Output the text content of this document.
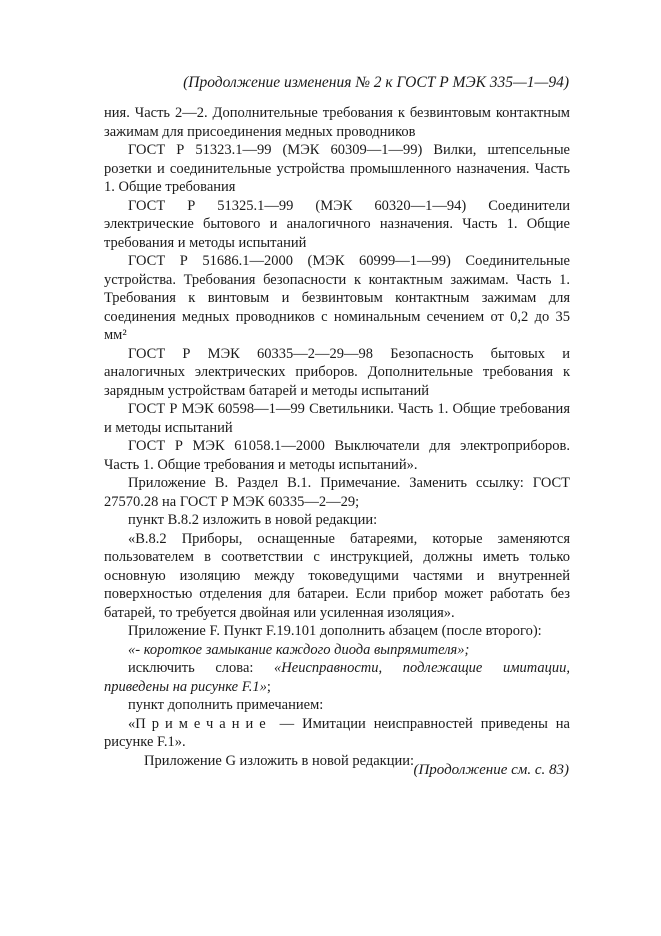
(Продолжение изменения № 2 к ГОСТ Р МЭК 335—1—94)

ния. Часть 2—2. Дополнительные требования к безвинтовым контактным зажимам для присоединения медных проводников

ГОСТ Р 51323.1—99 (МЭК 60309—1—99) Вилки, штепсельные розетки и соединительные устройства промышленного назначения. Часть 1. Общие требования

ГОСТ Р 51325.1—99 (МЭК 60320—1—94) Соединители электрические бытового и аналогичного назначения. Часть 1. Общие требования и методы испытаний

ГОСТ Р 51686.1—2000 (МЭК 60999—1—99) Соединительные устройства. Требования безопасности к контактным зажимам. Часть 1. Требования к винтовым и безвинтовым контактным зажимам для соединения медных проводников с номинальным сечением от 0,2 до 35 мм²

ГОСТ Р МЭК 60335—2—29—98 Безопасность бытовых и аналогичных электрических приборов. Дополнительные требования к зарядным устройствам батарей и методы испытаний

ГОСТ Р МЭК 60598—1—99 Светильники. Часть 1. Общие требования и методы испытаний

ГОСТ Р МЭК 61058.1—2000 Выключатели для электроприборов. Часть 1. Общие требования и методы испытаний».

Приложение В. Раздел В.1. Примечание. Заменить ссылку: ГОСТ 27570.28 на ГОСТ Р МЭК 60335—2—29;

пункт В.8.2 изложить в новой редакции:

«В.8.2 Приборы, оснащенные батареями, которые заменяются пользователем в соответствии с инструкцией, должны иметь только основную изоляцию между токоведущими частями и внутренней поверхностью отделения для батареи. Если прибор может работать без батарей, то требуется двойная или усиленная изоляция».

Приложение F. Пункт F.19.101 дополнить абзацем (после второго):

«- короткое замыкание каждого диода выпрямителя»;

исключить слова: «Неисправности, подлежащие имитации, приведены на рисунке F.1»;

пункт дополнить примечанием:

«Примечание — Имитации неисправностей приведены на рисунке F.1».

Приложение G изложить в новой редакции:

(Продолжение см. с. 83)
